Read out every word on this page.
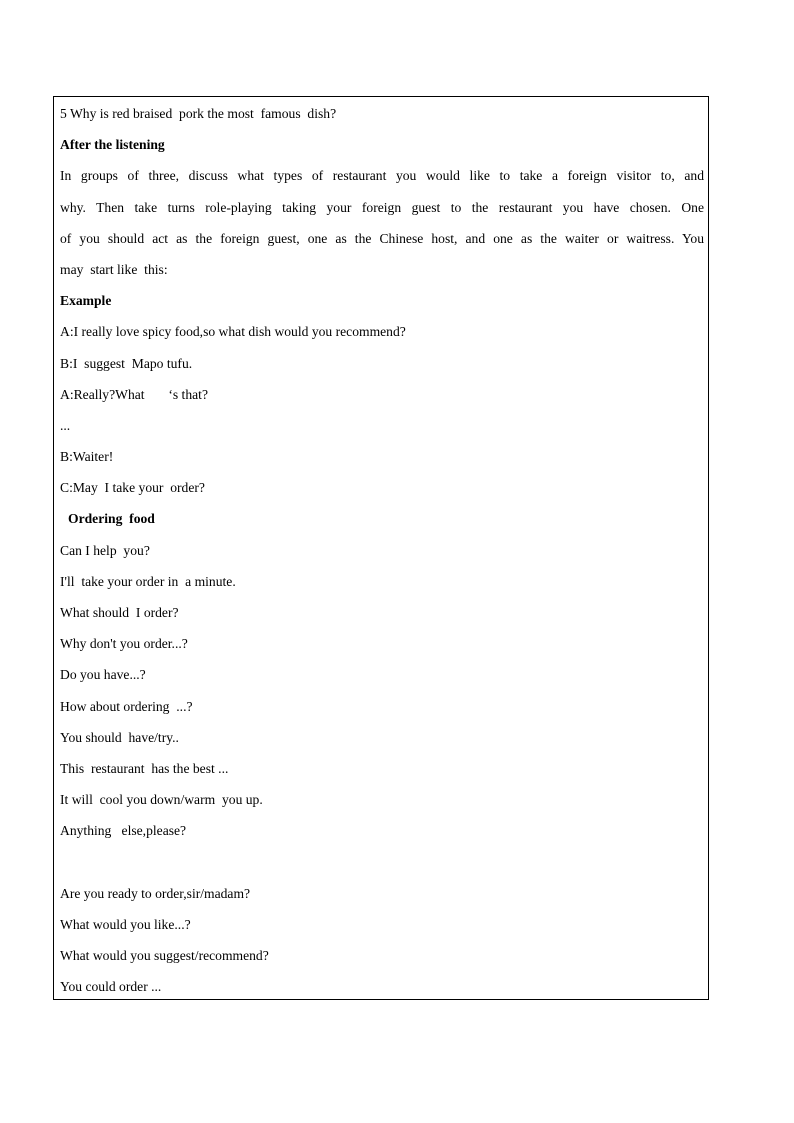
5 Why is red braised  pork the most  famous  dish?
After the listening
In groups of three, discuss what types of restaurant you would like to take a foreign visitor to, and
why. Then take turns role-playing taking your foreign guest to the restaurant you have chosen. One
of you should act as the foreign guest, one as the Chinese host, and one as the waiter or waitress. You
may  start like  this:
Example
A:I really love spicy food,so what dish would you recommend?
B:I  suggest  Mapo tufu.
A:Really?What       ‘s that?
...
B:Waiter!
C:May  I take your  order?
Ordering  food
Can I help  you?
I'll  take your order in  a minute.
What should  I order?
Why don't you order...?
Do you have...?
How about ordering  ...?
You should  have/try..
This  restaurant  has the best ...
It will  cool you down/warm  you up.
Anything   else,please?
Are you ready to order,sir/madam?
What would you like...?
What would you suggest/recommend?
You could order ...
